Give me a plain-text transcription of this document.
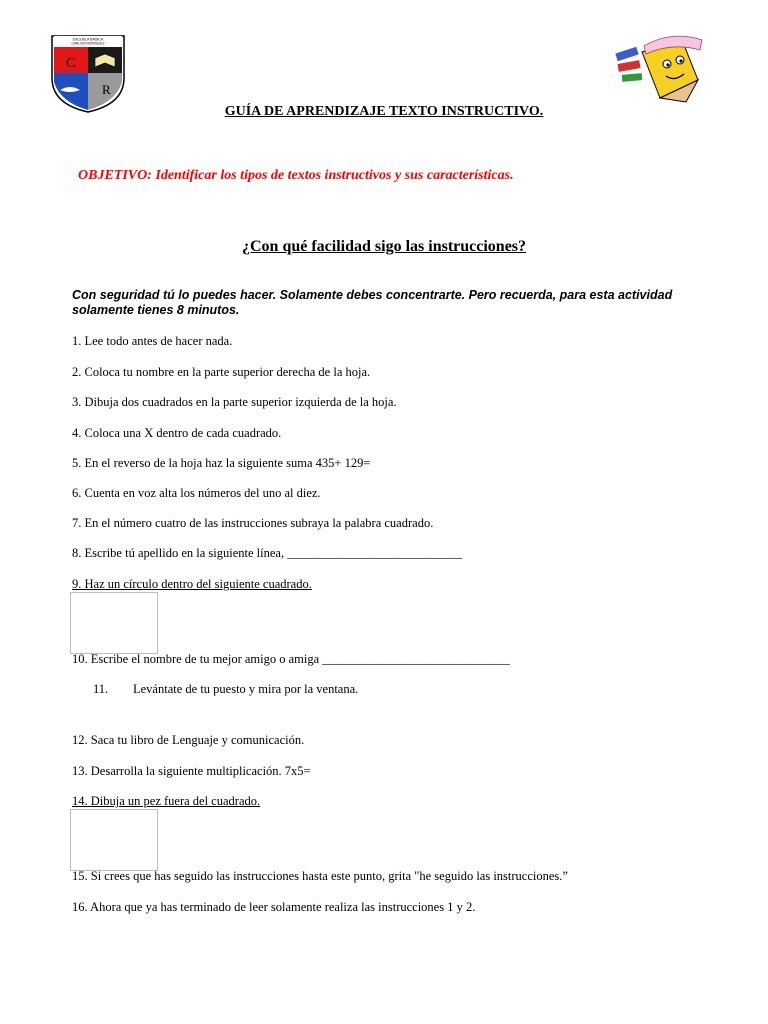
ESCUELA BÁSICA
CARLOS RODRÍGUEZ
C
R
GUÍA DE APRENDIZAJE TEXTO INSTRUCTIVO.
OBJETIVO: Identificar los tipos de textos instructivos y sus características.
¿Con qué facilidad sigo las instrucciones?
Con seguridad tú lo puedes hacer. Solamente debes concentrarte. Pero recuerda, para esta actividad solamente tienes 8 minutos.
1. Lee todo antes de hacer nada.
2. Coloca tu nombre en la parte superior derecha de la hoja.
3. Dibuja dos cuadrados en la parte superior izquierda de la hoja.
4. Coloca una X dentro de cada cuadrado.
5. En el reverso de la hoja haz la siguiente suma 435+ 129=
6. Cuenta en voz alta los números del uno al diez.
7. En el número cuatro de las instrucciones subraya la palabra cuadrado.
8. Escribe tú apellido en la siguiente línea, ____________________________
9. Haz un círculo dentro del siguiente cuadrado.
10. Escribe el nombre de tu mejor amigo o amiga ______________________________
11. Levántate de tu puesto y mira por la ventana.
12. Saca tu libro de Lenguaje y comunicación.
13. Desarrolla la siguiente multiplicación. 7x5=
14. Dibuja un pez fuera del cuadrado.
15. Si crees que has seguido las instrucciones hasta este punto, grita "he seguido las instrucciones.”
16. Ahora que ya has terminado de leer solamente realiza las instrucciones 1 y 2.
